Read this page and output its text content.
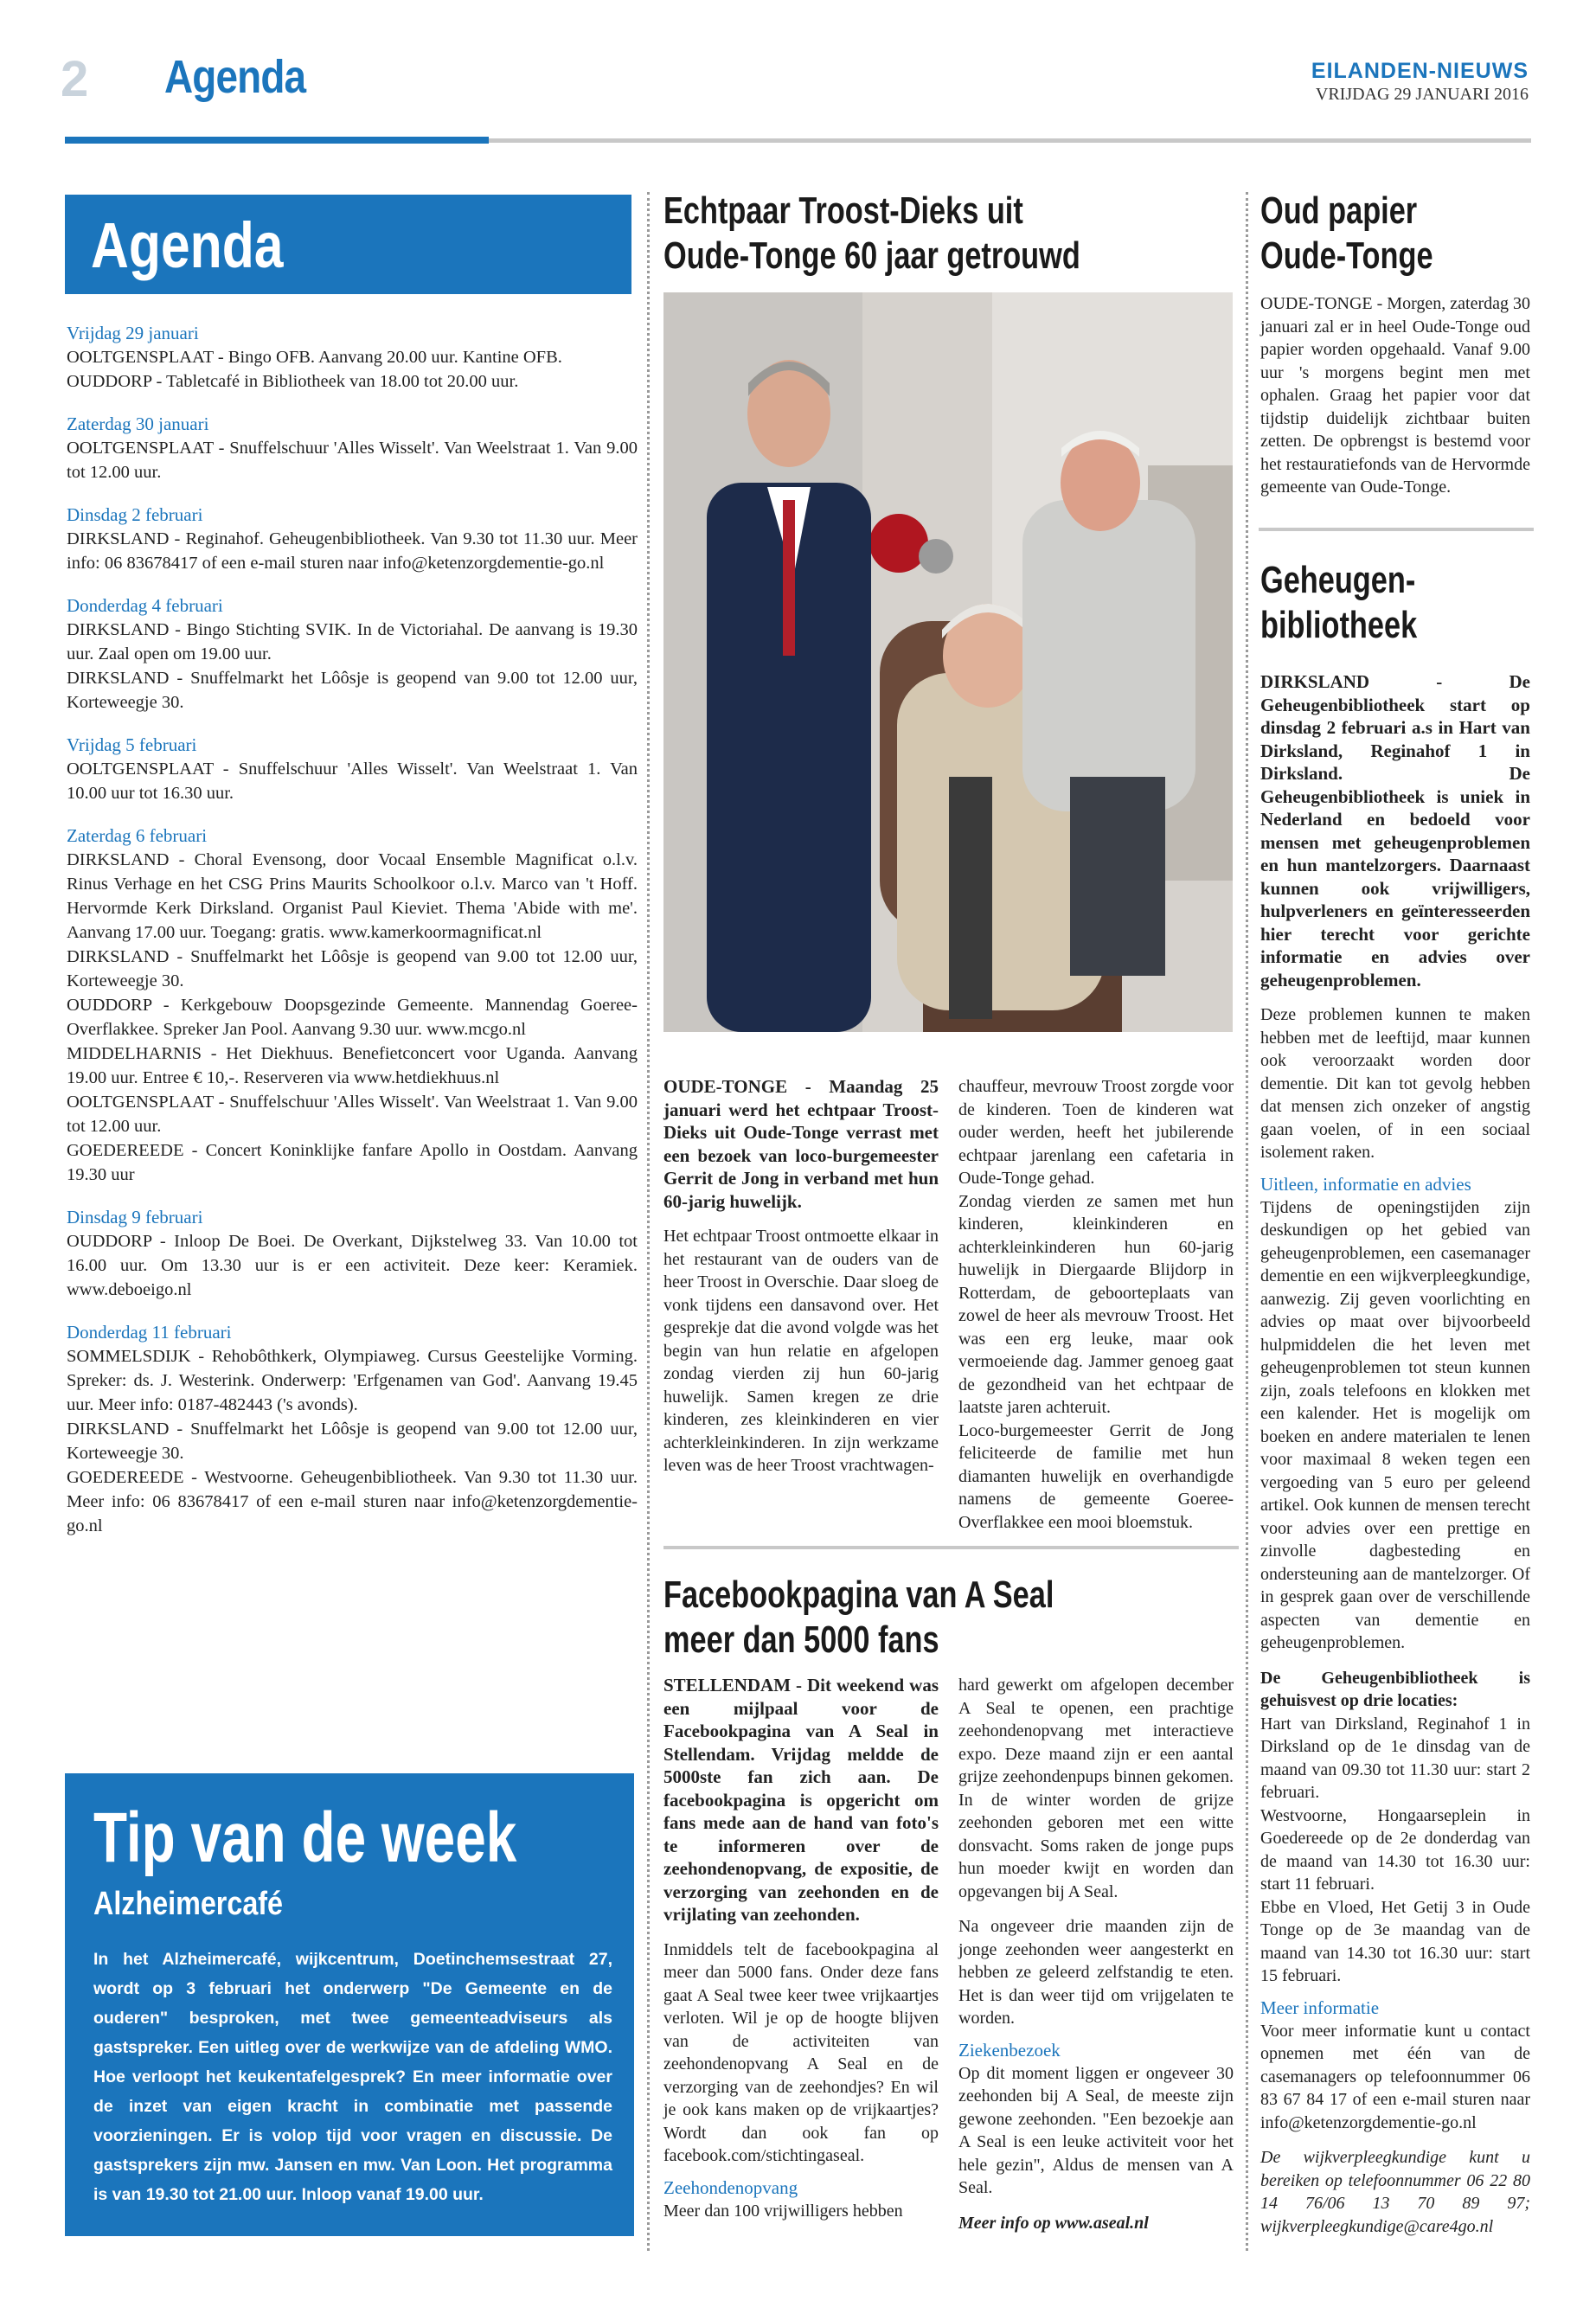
2 Agenda	EILANDEN-NIEUWS
VRIJDAG 29 JANUARI 2016
Agenda
Vrijdag 29 januari
OOLTGENSPLAAT - Bingo OFB. Aanvang 20.00 uur. Kantine OFB.
OUDDORP - Tabletcafé in Bibliotheek van 18.00 tot 20.00 uur.
Zaterdag 30 januari
OOLTGENSPLAAT - Snuffelschuur 'Alles Wisselt'. Van Weelstraat 1. Van 9.00 tot 12.00 uur.
Dinsdag 2 februari
DIRKSLAND - Reginahof. Geheugenbibliotheek. Van 9.30 tot 11.30 uur. Meer info: 06 83678417 of een e-mail sturen naar info@ketenzorgdementie-go.nl
Donderdag 4 februari
DIRKSLAND - Bingo Stichting SVIK. In de Victoriahal. De aanvang is 19.30 uur. Zaal open om 19.00 uur.
DIRKSLAND - Snuffelmarkt het Lôôsje is geopend van 9.00 tot 12.00 uur, Korteweegje 30.
Vrijdag 5 februari
OOLTGENSPLAAT - Snuffelschuur 'Alles Wisselt'. Van Weelstraat 1. Van 10.00 uur tot 16.30 uur.
Zaterdag 6 februari
DIRKSLAND - Choral Evensong, door Vocaal Ensemble Magnificat o.l.v. Rinus Verhage en het CSG Prins Maurits Schoolkoor o.l.v. Marco van 't Hoff. Hervormde Kerk Dirksland. Organist Paul Kieviet. Thema 'Abide with me'. Aanvang 17.00 uur. Toegang: gratis. www.kamerkoormagnificat.nl
DIRKSLAND - Snuffelmarkt het Lôôsje is geopend van 9.00 tot 12.00 uur, Korteweegje 30.
OUDDORP - Kerkgebouw Doopsgezinde Gemeente. Mannendag Goeree-Overflakkee. Spreker Jan Pool. Aanvang 9.30 uur. www.mcgo.nl
MIDDELHARNIS - Het Diekhuus. Benefietconcert voor Uganda. Aanvang 19.00 uur. Entree € 10,-. Reserveren via www.hetdiekhuus.nl
OOLTGENSPLAAT - Snuffelschuur 'Alles Wisselt'. Van Weelstraat 1. Van 9.00 tot 12.00 uur.
GOEDEREEDE - Concert Koninklijke fanfare Apollo in Oostdam. Aanvang 19.30 uur
Dinsdag 9 februari
OUDDORP - Inloop De Boei. De Overkant, Dijkstelweg 33. Van 10.00 tot 16.00 uur. Om 13.30 uur is er een activiteit. Deze keer: Keramiek. www.deboeigo.nl
Donderdag 11 februari
SOMMELSDIJK - Rehobôthkerk, Olympiaweg. Cursus Geestelijke Vorming. Spreker: ds. J. Westerink. Onderwerp: 'Erfgenamen van God'. Aanvang 19.45 uur. Meer info: 0187-482443 ('s avonds).
DIRKSLAND - Snuffelmarkt het Lôôsje is geopend van 9.00 tot 12.00 uur, Korteweegje 30.
GOEDEREEDE - Westvoorne. Geheugenbibliotheek. Van 9.30 tot 11.30 uur. Meer info: 06 83678417 of een e-mail sturen naar info@ketenzorgdementie-go.nl
Tip van de week
Alzheimercafé
In het Alzheimercafé, wijkcentrum, Doetinchemsestraat 27, wordt op 3 februari het onderwerp "De Gemeente en de ouderen" besproken, met twee gemeenteadviseurs als gastspreker. Een uitleg over de werkwijze van de afdeling WMO. Hoe verloopt het keukentafelgesprek? En meer informatie over de inzet van eigen kracht in combinatie met passende voorzieningen. Er is volop tijd voor vragen en discussie. De gastsprekers zijn mw. Jansen en mw. Van Loon. Het programma is van 19.30 tot 21.00 uur. Inloop vanaf 19.00 uur.
Echtpaar Troost-Dieks uit
Oude-Tonge 60 jaar getrouwd

OUDE-TONGE - Maandag 25 januari werd het echtpaar Troost-Dieks uit Oude-Tonge verrast met een bezoek van loco-burgemeester Gerrit de Jong in verband met hun 60-jarig huwelijk.

Het echtpaar Troost ontmoette elkaar in het restaurant van de ouders van de heer Troost in Overschie. Daar sloeg de vonk tijdens een dansavond over. Het gesprekje dat die avond volgde was het begin van hun relatie en afgelopen zondag vierden zij hun 60-jarig huwelijk. Samen kregen ze drie kinderen, zes kleinkinderen en vier achterkleinkinderen. In zijn werkzame leven was de heer Troost vrachtwagen-

chauffeur, mevrouw Troost zorgde voor de kinderen. Toen de kinderen wat ouder werden, heeft het jubilerende echtpaar jarenlang een cafetaria in Oude-Tonge gehad.

Zondag vierden ze samen met hun kinderen, kleinkinderen en achterkleinkinderen hun 60-jarig huwelijk in Diergaarde Blijdorp in Rotterdam, de geboorteplaats van zowel de heer als mevrouw Troost. Het was een erg leuke, maar ook vermoeiende dag. Jammer genoeg gaat de gezondheid van het echtpaar de laatste jaren achteruit.

Loco-burgemeester Gerrit de Jong feliciteerde de familie met hun diamanten huwelijk en overhandigde namens de gemeente Goeree-Overflakkee een mooi bloemstuk.

Facebookpagina van A Seal
meer dan 5000 fans

STELLENDAM - Dit weekend was een mijlpaal voor de Facebookpagina van A Seal in Stellendam. Vrijdag meldde de 5000ste fan zich aan. De facebookpagina is opgericht om fans mede aan de hand van foto's te informeren over de zeehondenopvang, de expositie, de verzorging van zeehonden en de vrijlating van zeehonden.

Inmiddels telt de facebookpagina al meer dan 5000 fans. Onder deze fans gaat A Seal twee keer twee vrijkaartjes verloten. Wil je op de hoogte blijven van de activiteiten van zeehondenopvang A Seal en de verzorging van de zeehondjes? En wil je ook kans maken op de vrijkaartjes? Wordt dan ook fan op facebook.com/stichtingaseal.

Zeehondenopvang

Meer dan 100 vrijwilligers hebben

hard gewerkt om afgelopen december A Seal te openen, een prachtige zeehondenopvang met interactieve expo. Deze maand zijn er een aantal grijze zeehondenpups binnen gekomen. In de winter worden de grijze zeehonden geboren met een witte donsvacht. Soms raken de jonge pups hun moeder kwijt en worden dan opgevangen bij A Seal.

Na ongeveer drie maanden zijn de jonge zeehonden weer aangesterkt en hebben ze geleerd zelfstandig te eten. Het is dan weer tijd om vrijgelaten te worden.

Ziekenbezoek

Op dit moment liggen er ongeveer 30 zeehonden bij A Seal, de meeste zijn gewone zeehonden. "Een bezoekje aan A Seal is een leuke activiteit voor het hele gezin", Aldus de mensen van A Seal.

Meer info op www.aseal.nl

Oud papier
Oude-Tonge

OUDE-TONGE - Morgen, zaterdag 30 januari zal er in heel Oude-Tonge oud papier worden opgehaald. Vanaf 9.00 uur 's morgens begint men met ophalen. Graag het papier voor dat tijdstip duidelijk zichtbaar buiten zetten. De opbrengst is bestemd voor het restauratiefonds van de Hervormde gemeente van Oude-Tonge.

Geheugen-
bibliotheek

DIRKSLAND - De Geheugenbibliotheek start op dinsdag 2 februari a.s in Hart van Dirksland, Reginahof 1 in Dirksland. De Geheugenbibliotheek is uniek in Nederland en bedoeld voor mensen met geheugenproblemen en hun mantelzorgers. Daarnaast kunnen ook vrijwilligers, hulpverleners en geïnteresseerden hier terecht voor gerichte informatie en advies over geheugenproblemen.

Deze problemen kunnen te maken hebben met de leeftijd, maar kunnen ook veroorzaakt worden door dementie. Dit kan tot gevolg hebben dat mensen zich onzeker of angstig gaan voelen, of in een sociaal isolement raken.

Uitleen, informatie en advies

Tijdens de openingstijden zijn deskundigen op het gebied van geheugenproblemen, een casemanager dementie en een wijkverpleegkundige, aanwezig. Zij geven voorlichting en advies op maat over bijvoorbeeld hulpmiddelen die het leven met geheugenproblemen tot steun kunnen zijn, zoals telefoons en klokken met een kalender. Het is mogelijk om boeken en andere materialen te lenen voor maximaal 8 weken tegen een vergoeding van 5 euro per geleend artikel. Ook kunnen de mensen terecht voor advies over een prettige en zinvolle dagbesteding en ondersteuning aan de mantelzorger. Of in gesprek gaan over de verschillende aspecten van dementie en geheugenproblemen.

De Geheugenbibliotheek is gehuisvest op drie locaties:

Hart van Dirksland, Reginahof 1 in Dirksland op de 1e dinsdag van de maand van 09.30 tot 11.30 uur: start 2 februari.

Westvoorne, Hongaarseplein in Goedereede op de 2e donderdag van de maand van 14.30 tot 16.30 uur: start 11 februari.

Ebbe en Vloed, Het Getij 3 in Oude Tonge op de 3e maandag van de maand van 14.30 tot 16.30 uur: start 15 februari.

Meer informatie

Voor meer informatie kunt u contact opnemen met één van de casemanagers op telefoonnummer 06 83 67 84 17 of een e-mail sturen naar info@ketenzorgdementie-go.nl

De wijkverpleegkundige kunt u bereiken op telefoonnummer 06 22 80 14 76/06 13 70 89 97; wijkverpleegkundige@care4go.nl
